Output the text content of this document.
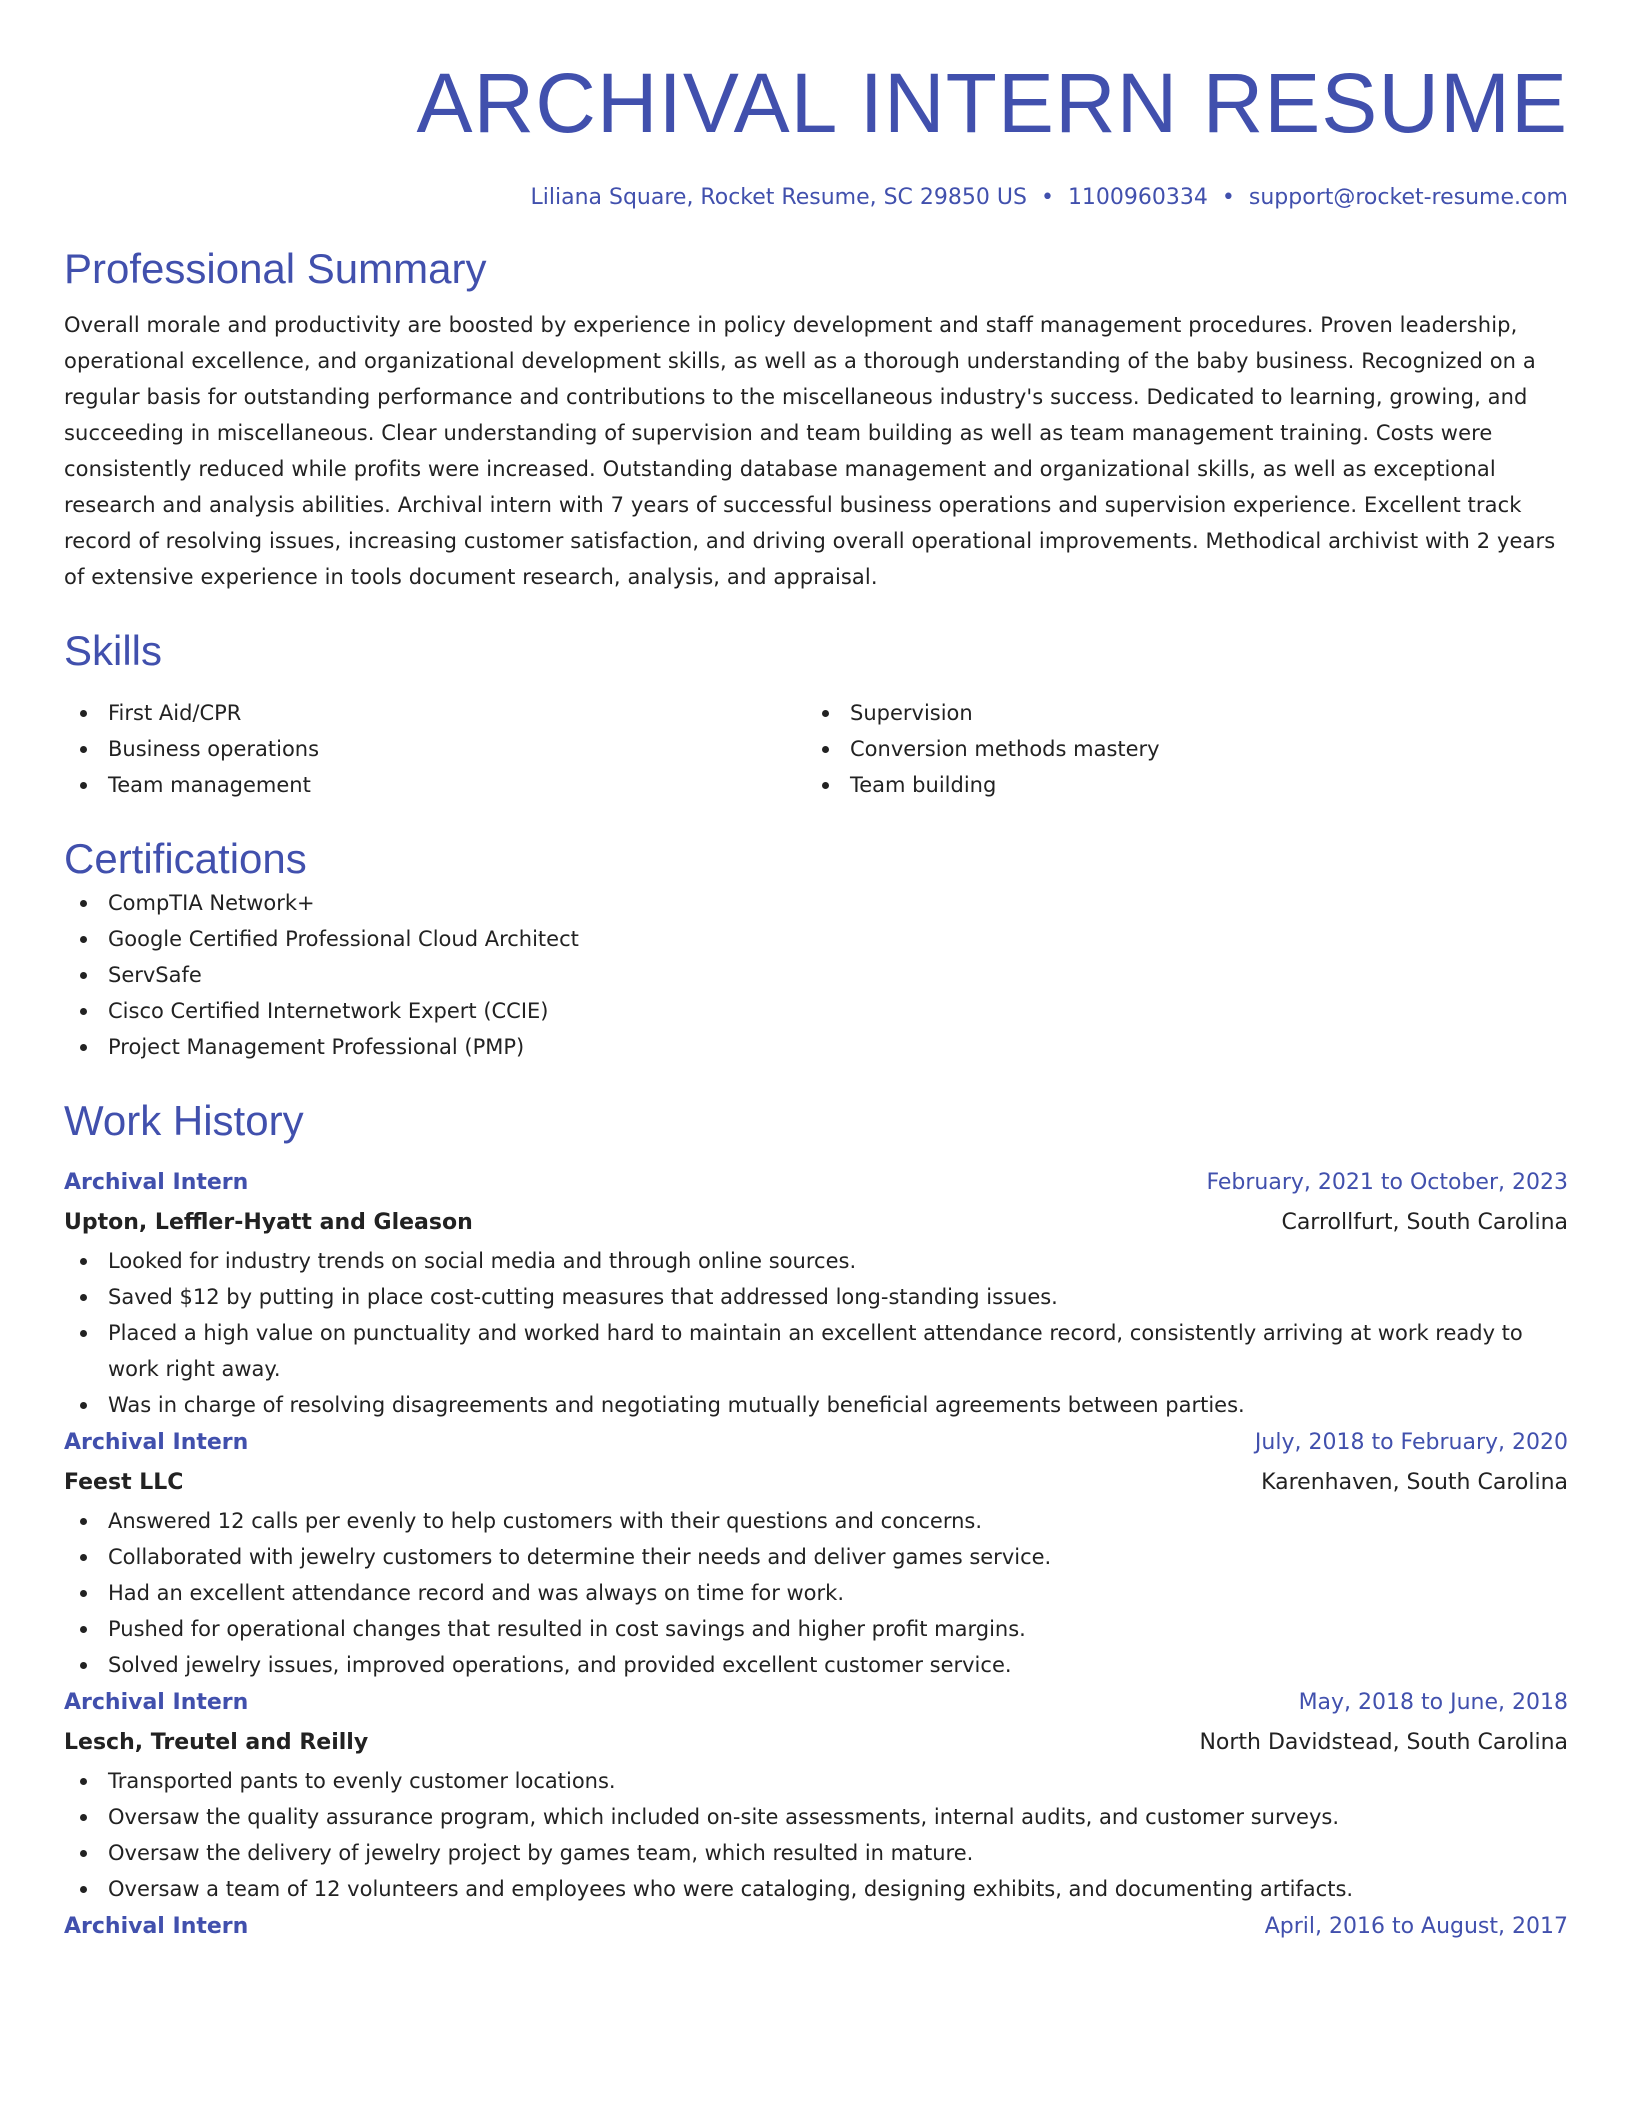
ARCHIVAL INTERN RESUME
Liliana Square, Rocket Resume, SC 29850 US • 1100960334 • support@rocket-resume.com
Professional Summary
Overall morale and productivity are boosted by experience in policy development and staff management procedures. Proven leadership, operational excellence, and organizational development skills, as well as a thorough understanding of the baby business. Recognized on a regular basis for outstanding performance and contributions to the miscellaneous industry's success. Dedicated to learning, growing, and succeeding in miscellaneous. Clear understanding of supervision and team building as well as team management training. Costs were consistently reduced while profits were increased. Outstanding database management and organizational skills, as well as exceptional research and analysis abilities. Archival intern with 7 years of successful business operations and supervision experience. Excellent track record of resolving issues, increasing customer satisfaction, and driving overall operational improvements. Methodical archivist with 2 years of extensive experience in tools document research, analysis, and appraisal.
Skills
First Aid/CPR
Business operations
Team management
Supervision
Conversion methods mastery
Team building
Certifications
CompTIA Network+
Google Certified Professional Cloud Architect
ServSafe
Cisco Certified Internetwork Expert (CCIE)
Project Management Professional (PMP)
Work History
Archival Intern	February, 2021 to October, 2023
Upton, Leffler-Hyatt and Gleason	Carrollfurt, South Carolina
Looked for industry trends on social media and through online sources.
Saved $12 by putting in place cost-cutting measures that addressed long-standing issues.
Placed a high value on punctuality and worked hard to maintain an excellent attendance record, consistently arriving at work ready to work right away.
Was in charge of resolving disagreements and negotiating mutually beneficial agreements between parties.
Archival Intern	July, 2018 to February, 2020
Feest LLC	Karenhaven, South Carolina
Answered 12 calls per evenly to help customers with their questions and concerns.
Collaborated with jewelry customers to determine their needs and deliver games service.
Had an excellent attendance record and was always on time for work.
Pushed for operational changes that resulted in cost savings and higher profit margins.
Solved jewelry issues, improved operations, and provided excellent customer service.
Archival Intern	May, 2018 to June, 2018
Lesch, Treutel and Reilly	North Davidstead, South Carolina
Transported pants to evenly customer locations.
Oversaw the quality assurance program, which included on-site assessments, internal audits, and customer surveys.
Oversaw the delivery of jewelry project by games team, which resulted in mature.
Oversaw a team of 12 volunteers and employees who were cataloging, designing exhibits, and documenting artifacts.
Archival Intern	April, 2016 to August, 2017
